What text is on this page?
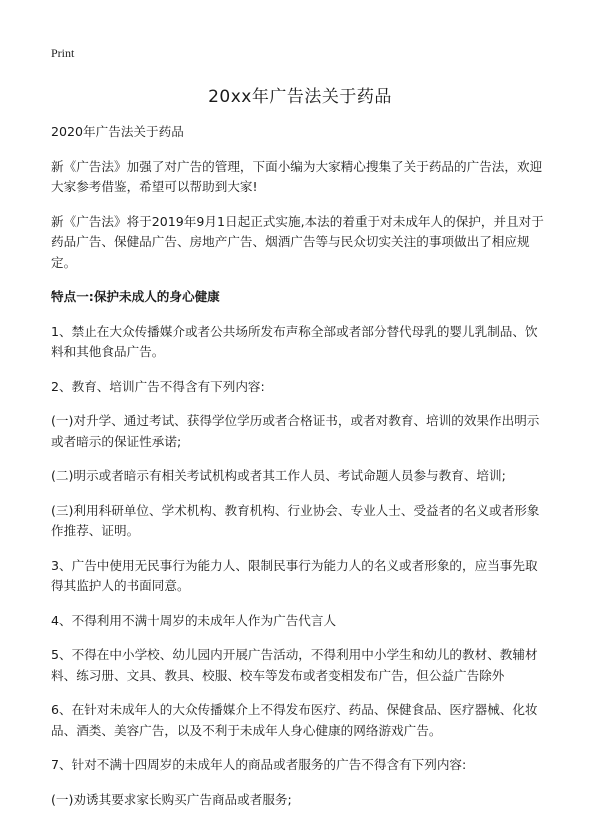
Print
20xx年广告法关于药品

2020年广告法关于药品

新《广告法》加强了对广告的管理，下面小编为大家精心搜集了关于药品的广告法，欢迎大家参考借鉴，希望可以帮助到大家!

新《广告法》将于2019年9月1日起正式实施,本法的着重于对未成年人的保护，并且对于药品广告、保健品广告、房地产广告、烟酒广告等与民众切实关注的事项做出了相应规定。

特点一:保护未成人的身心健康

1、禁止在大众传播媒介或者公共场所发布声称全部或者部分替代母乳的婴儿乳制品、饮料和其他食品广告。

2、教育、培训广告不得含有下列内容:

(一)对升学、通过考试、获得学位学历或者合格证书，或者对教育、培训的效果作出明示或者暗示的保证性承诺;

(二)明示或者暗示有相关考试机构或者其工作人员、考试命题人员参与教育、培训;

(三)利用科研单位、学术机构、教育机构、行业协会、专业人士、受益者的名义或者形象作推荐、证明。

3、广告中使用无民事行为能力人、限制民事行为能力人的名义或者形象的，应当事先取得其监护人的书面同意。

4、不得利用不满十周岁的未成年人作为广告代言人

5、不得在中小学校、幼儿园内开展广告活动，不得利用中小学生和幼儿的教材、教辅材料、练习册、文具、教具、校服、校车等发布或者变相发布广告，但公益广告除外

6、在针对未成年人的大众传播媒介上不得发布医疗、药品、保健食品、医疗器械、化妆品、酒类、美容广告，以及不利于未成年人身心健康的网络游戏广告。

7、针对不满十四周岁的未成年人的商品或者服务的广告不得含有下列内容:

(一)劝诱其要求家长购买广告商品或者服务;
